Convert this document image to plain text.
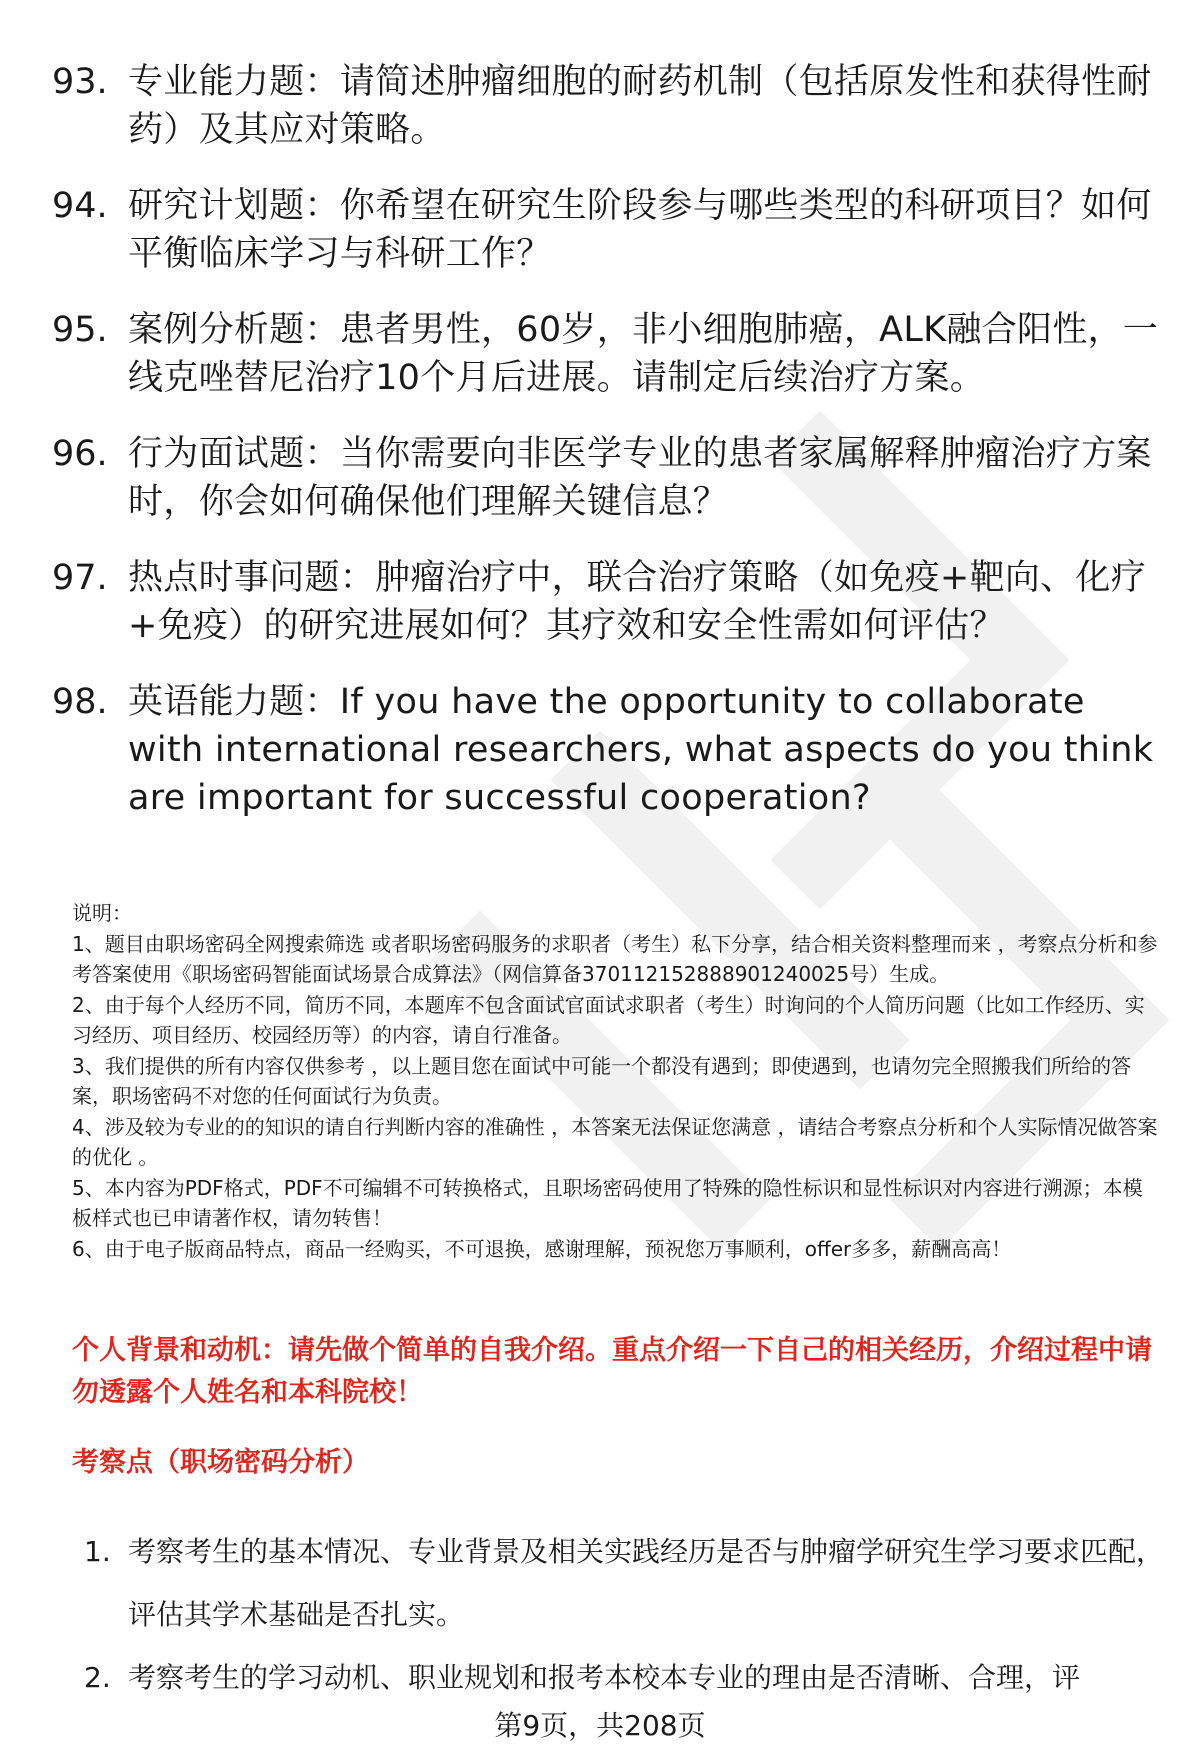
93. 专业能力题：请简述肿瘤细胞的耐药机制（包括原发性和获得性耐药）及其应对策略。
94. 研究计划题：你希望在研究生阶段参与哪些类型的科研项目？如何平衡临床学习与科研工作？
95. 案例分析题：患者男性，60岁，非小细胞肺癌，ALK融合阳性，一线克唑替尼治疗10个月后进展。请制定后续治疗方案。
96. 行为面试题：当你需要向非医学专业的患者家属解释肿瘤治疗方案时，你会如何确保他们理解关键信息？
97. 热点时事问题：肿瘤治疗中，联合治疗策略（如免疫+靶向、化疗+免疫）的研究进展如何？其疗效和安全性需如何评估？
98. 英语能力题：If you have the opportunity to collaborate with international researchers, what aspects do you think are important for successful cooperation?

说明：

1、题目由职场密码全网搜索筛选 或者职场密码服务的求职者（考生）私下分享，结合相关资料整理而来 ，考察点分析和参考答案使用《职场密码智能面试场景合成算法》（网信算备370112152888901240025号）生成。

2、由于每个人经历不同，简历不同，本题库不包含面试官面试求职者（考生）时询问的个人简历问题（比如工作经历、实习经历、项目经历、校园经历等）的内容，请自行准备。

3、我们提供的所有内容仅供参考 ，以上题目您在面试中可能一个都没有遇到；即使遇到，也请勿完全照搬我们所给的答案，职场密码不对您的任何面试行为负责。

4、涉及较为专业的的知识的请自行判断内容的准确性 ，本答案无法保证您满意 ，请结合考察点分析和个人实际情况做答案的优化 。

5、本内容为PDF格式，PDF不可编辑不可转换格式，且职场密码使用了特殊的隐性标识和显性标识对内容进行溯源；本模板样式也已申请著作权，请勿转售！

6、由于电子版商品特点，商品一经购买，不可退换，感谢理解，预祝您万事顺利，offer多多，薪酬高高！

个人背景和动机：请先做个简单的自我介绍。重点介绍一下自己的相关经历，介绍过程中请勿透露个人姓名和本科院校！
考察点（职场密码分析）
1. 考察考生的基本情况、专业背景及相关实践经历是否与肿瘤学研究生学习要求匹配，评估其学术基础是否扎实。
2. 考察考生的学习动机、职业规划和报考本校本专业的理由是否清晰、合理，评
第9页，共208页
